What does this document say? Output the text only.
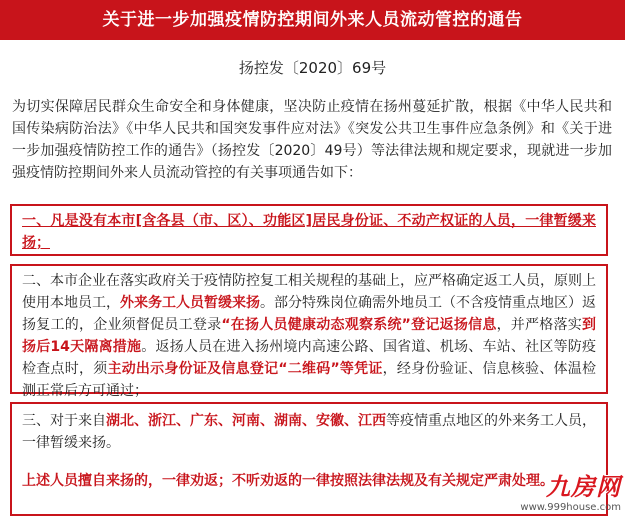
关于进一步加强疫情防控期间外来人员流动管控的通告
扬控发〔2020〕69号
为切实保障居民群众生命安全和身体健康，坚决防止疫情在扬州蔓延扩散，根据《中华人民共和国传染病防治法》《中华人民共和国突发事件应对法》《突发公共卫生事件应急条例》和《关于进一步加强疫情防控工作的通告》（扬控发〔2020〕49号）等法律法规和规定要求，现就进一步加强疫情防控期间外来人员流动管控的有关事项通告如下：

一、凡是没有本市[含各县（市、区）、功能区]居民身份证、不动产权证的人员，一律暂缓来扬；

二、本市企业在落实政府关于疫情防控复工相关规程的基础上，应严格确定返工人员，原则上使用本地员工，外来务工人员暂缓来扬。部分特殊岗位确需外地员工（不含疫情重点地区）返扬复工的，企业须督促员工登录“在扬人员健康动态观察系统”登记返扬信息，并严格落实到扬后14天隔离措施。返扬人员在进入扬州境内高速公路、国省道、机场、车站、社区等防疫检查点时，须主动出示身份证及信息登记“二维码”等凭证，经身份验证、信息核验、体温检测正常后方可通过；

三、对于来自湖北、浙江、广东、河南、湖南、安徽、江西等疫情重点地区的外来务工人员，一律暂缓来扬。

上述人员擅自来扬的，一律劝返；不听劝返的一律按照法律法规及有关规定严肃处理。

九房网
www.999house.com
